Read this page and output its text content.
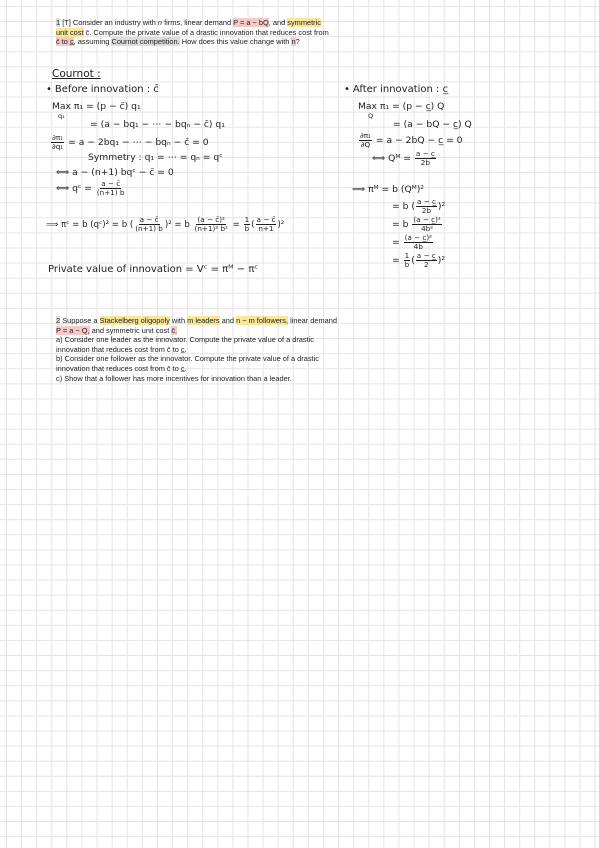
1 [T] Consider an industry with n firms, linear demand P = a − bQ, and symmetric
unit cost c̄. Compute the private value of a drastic innovation that reduces cost from
c̄ to c̲, assuming Cournot competition. How does this value change with n?
Cournot :
• Before innovation : c̄
Max π₁ = (p − c̄) q₁
q₁
= (a − bq₁ − ⋯ − bqₙ − c̄) q₁
$\frac{\text{∂π₁}}{\text{∂q₁}} = a - 2bq_1$ − ⋯ − bqₙ − c̄ = 0
Symmetry : q₁ = ⋯ = qₙ = qᶜ
⟺ a − (n+1) bqᶜ − c̄ = 0
⟺ qᶜ = $\frac{a - c̄}{(n+1) b}$
⟹ πᶜ = b (qᶜ)² = b ( $\frac{a - c̄}{(n+1) b} )^2 = b \frac{\text{(a − c̄)²}}{\text{(n+1)² b²}} = \frac{1}{b}$ ( $\frac{a - c̄}{n+1} )^2$
• After innovation : c̲
Max π₁ = (p − c̲) Q
Q
= (a − bQ − c̲) Q
$\frac{\text{∂π₁}}{\partial Q} = a - 2bQ$ − c̲ = 0
⟺ Qᴹ = $\frac{a - c̲}{2b}$
⟹ πᴹ = b (Qᴹ)²
= b ( $\frac{a - c̲}{2b} )^2$
= b $\frac{\text{(a − c̲)²}}{\text{4b²}}$
= $\frac{\text{(a − c̲)²}}{4b}$
= $\frac{1}{b}$ ( $\frac{a - c̲}{2} )^2$
Private value of innovation = Vᶜ = πᴹ − πᶜ
2 Suppose a Stackelberg oligopoly with m leaders and n − m followers, linear demand
P = a − Q, and symmetric unit cost c̄.
a) Consider one leader as the innovator. Compute the private value of a drastic
innovation that reduces cost from c̄ to c̲.
b) Consider one follower as the innovator. Compute the private value of a drastic
innovation that reduces cost from c̄ to c̲.
c) Show that a follower has more incentives for innovation than a leader.
